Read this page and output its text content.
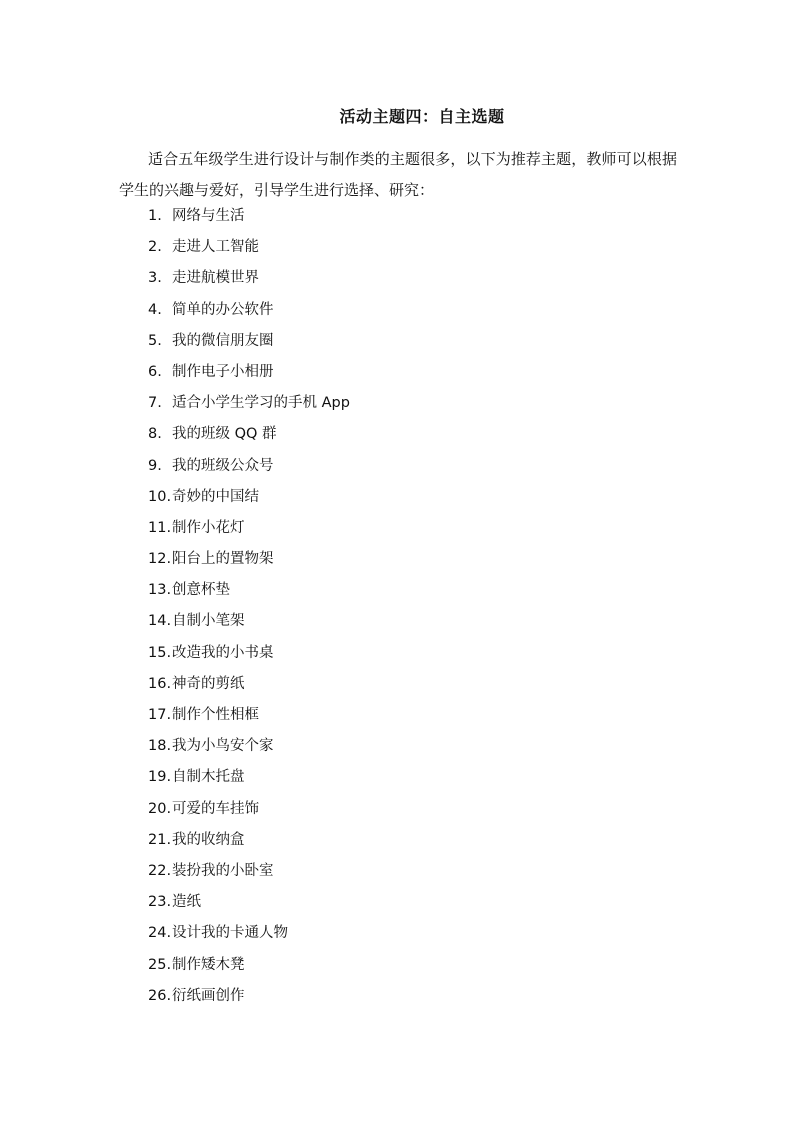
活动主题四：自主选题
适合五年级学生进行设计与制作类的主题很多，以下为推荐主题，教师可以根据学生的兴趣与爱好，引导学生进行选择、研究：
1. 网络与生活
2. 走进人工智能
3. 走进航模世界
4. 简单的办公软件
5. 我的微信朋友圈
6. 制作电子小相册
7. 适合小学生学习的手机 App
8. 我的班级 QQ 群
9. 我的班级公众号
10.奇妙的中国结
11.制作小花灯
12.阳台上的置物架
13.创意杯垫
14.自制小笔架
15.改造我的小书桌
16.神奇的剪纸
17.制作个性相框
18.我为小鸟安个家
19.自制木托盘
20.可爱的车挂饰
21.我的收纳盒
22.装扮我的小卧室
23.造纸
24.设计我的卡通人物
25.制作矮木凳
26.衍纸画创作
